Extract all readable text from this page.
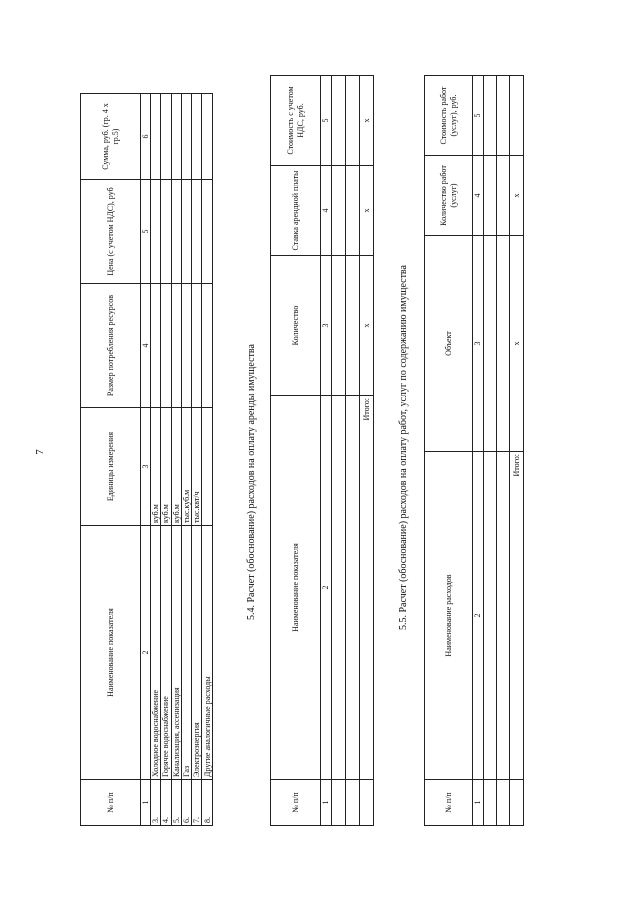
7
№ п/п	Наименование показателя	Единицы измерения	Размер потребления ресурсов	Цена (с учетом НДС), руб	Сумма, руб. (гр. 4 х гр.5)
1	2	3	4	5	6
3.	Холодное водоснабжение	куб.м			
4.	Горячее водоснабжение	куб.м			
5.	Канализация, ассенизация	куб.м			
6.	Газ	тыс.куб.м			
7.	Электроэнергия	тыс.квт/ч			
8.	Другие аналогичные расходы				
5.4. Расчет (обоснование) расходов на оплату аренды имущества
№ п/п	Наименование показателя	Количество	Ставка арендной платы	Стоимость с учетом НДС, руб.
1	2	3	4	5

	Итого:	x	x	x
5.5. Расчет (обоснование) расходов на оплату работ, услуг по содержанию имущества
№ п/п	Наименование расходов	Объект	Количество работ (услуг)	Стоимость работ (услуг), руб.
1	2	3	4	5

	Итого:	x	x	
